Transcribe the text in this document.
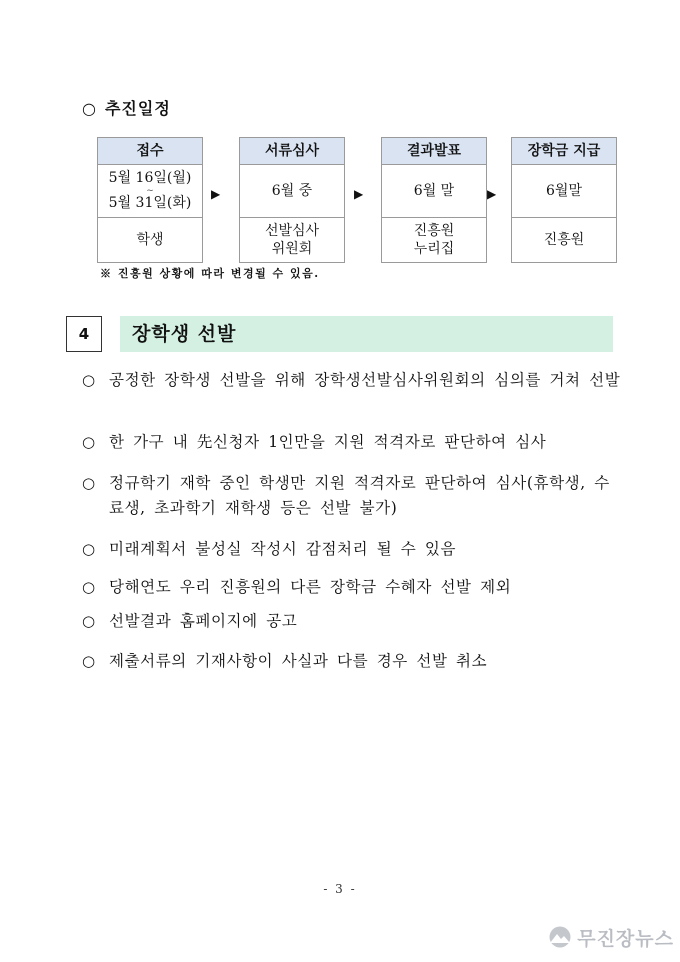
○ 추진일정
접수
5월 16일(월)
~
5월 31일(화)
학생
▶
서류심사
6월 중
선발심사
위원회
▶
결과발표
6월 말
진흥원
누리집
▶
장학금 지급
6월말
진흥원
※ 진흥원 상황에 따라 변경될 수 있음.
4	장학생 선발
○ 공정한 장학생 선발을 위해 장학생선발심사위원회의 심의를 거쳐 선발
○ 한 가구 내 先신청자 1인만을 지원 적격자로 판단하여 심사
○ 정규학기 재학 중인 학생만 지원 적격자로 판단하여 심사(휴학생, 수료생, 초과학기 재학생 등은 선발 불가)
○ 미래계획서 불성실 작성시 감점처리 될 수 있음
○ 당해연도 우리 진흥원의 다른 장학금 수혜자 선발 제외
○ 선발결과 홈페이지에 공고
○ 제출서류의 기재사항이 사실과 다를 경우 선발 취소
- 3 -
무진장뉴스
